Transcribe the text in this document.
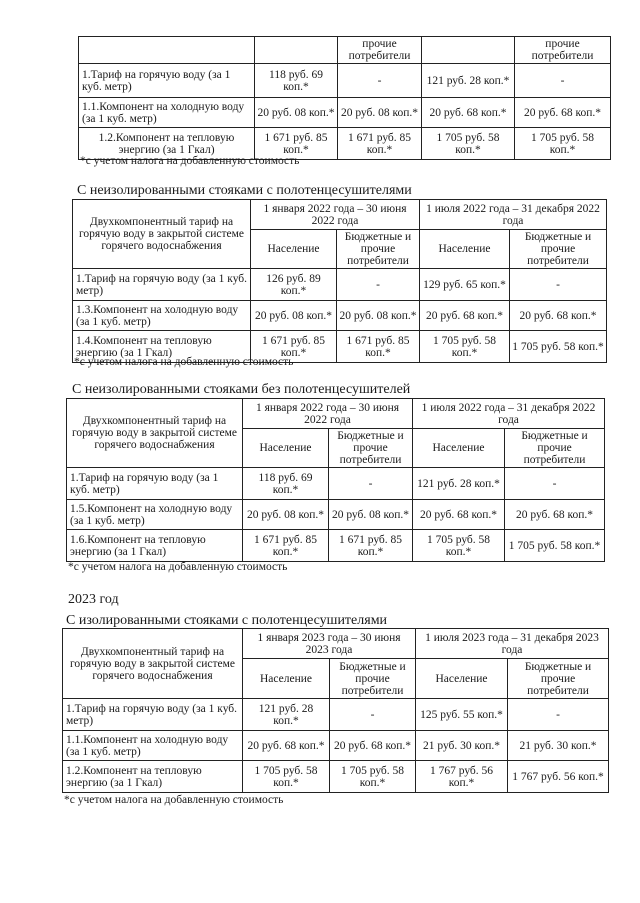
		прочие потребители		прочие потребители
1.Тариф на горячую воду (за 1 куб. метр)	118 руб. 69 коп.*	-	121 руб. 28 коп.*	-
1.1.Компонент на холодную воду (за 1 куб. метр)	20 руб. 08 коп.*	20 руб. 08 коп.*	20 руб. 68 коп.*	20 руб. 68 коп.*
1.2.Компонент на тепловую энергию (за 1 Гкал)	1 671 руб. 85 коп.*	1 671 руб. 85 коп.*	1 705 руб. 58 коп.*	1 705 руб. 58 коп.*
*с учетом налога на добавленную стоимость
С неизолированными стояками с полотенцесушителями
Двухкомпонентный тариф на горячую воду в закрытой системе горячего водоснабжения	1 января 2022 года – 30 июня 2022 года		1 июля 2022 года – 31 декабря 2022 года	
	Население	Бюджетные и прочие потребители	Население	Бюджетные и прочие потребители
1.Тариф на горячую воду (за 1 куб. метр)	126 руб. 89 коп.*	-	129 руб. 65 коп.*	-
1.3.Компонент на холодную воду (за 1 куб. метр)	20 руб. 08 коп.*	20 руб. 08 коп.*	20 руб. 68 коп.*	20 руб. 68 коп.*
1.4.Компонент на тепловую энергию (за 1 Гкал)	1 671 руб. 85 коп.*	1 671 руб. 85 коп.*	1 705 руб. 58 коп.*	1 705 руб. 58 коп.*
*с учетом налога на добавленную стоимость
С неизолированными стояками без полотенцесушителей
Двухкомпонентный тариф на горячую воду в закрытой системе горячего водоснабжения	1 января 2022 года – 30 июня 2022 года		1 июля 2022 года – 31 декабря 2022 года	
	Население	Бюджетные и прочие потребители	Население	Бюджетные и прочие потребители
1.Тариф на горячую воду (за 1 куб. метр)	118 руб. 69 коп.*	-	121 руб. 28 коп.*	-
1.5.Компонент на холодную воду (за 1 куб. метр)	20 руб. 08 коп.*	20 руб. 08 коп.*	20 руб. 68 коп.*	20 руб. 68 коп.*
1.6.Компонент на тепловую энергию (за 1 Гкал)	1 671 руб. 85 коп.*	1 671 руб. 85 коп.*	1 705 руб. 58 коп.*	1 705 руб. 58 коп.*
*с учетом налога на добавленную стоимость
2023 год
С изолированными стояками с полотенцесушителями
Двухкомпонентный тариф на горячую воду в закрытой системе горячего водоснабжения	1 января 2023 года – 30 июня 2023 года		1 июля 2023 года – 31 декабря 2023 года	
	Население	Бюджетные и прочие потребители	Население	Бюджетные и прочие потребители
1.Тариф на горячую воду (за 1 куб. метр)	121 руб. 28 коп.*	-	125 руб. 55 коп.*	-
1.1.Компонент на холодную воду (за 1 куб. метр)	20 руб. 68 коп.*	20 руб. 68 коп.*	21 руб. 30 коп.*	21 руб. 30 коп.*
1.2.Компонент на тепловую энергию (за 1 Гкал)	1 705 руб. 58 коп.*	1 705 руб. 58 коп.*	1 767 руб. 56 коп.*	1 767 руб. 56 коп.*
*с учетом налога на добавленную стоимость
